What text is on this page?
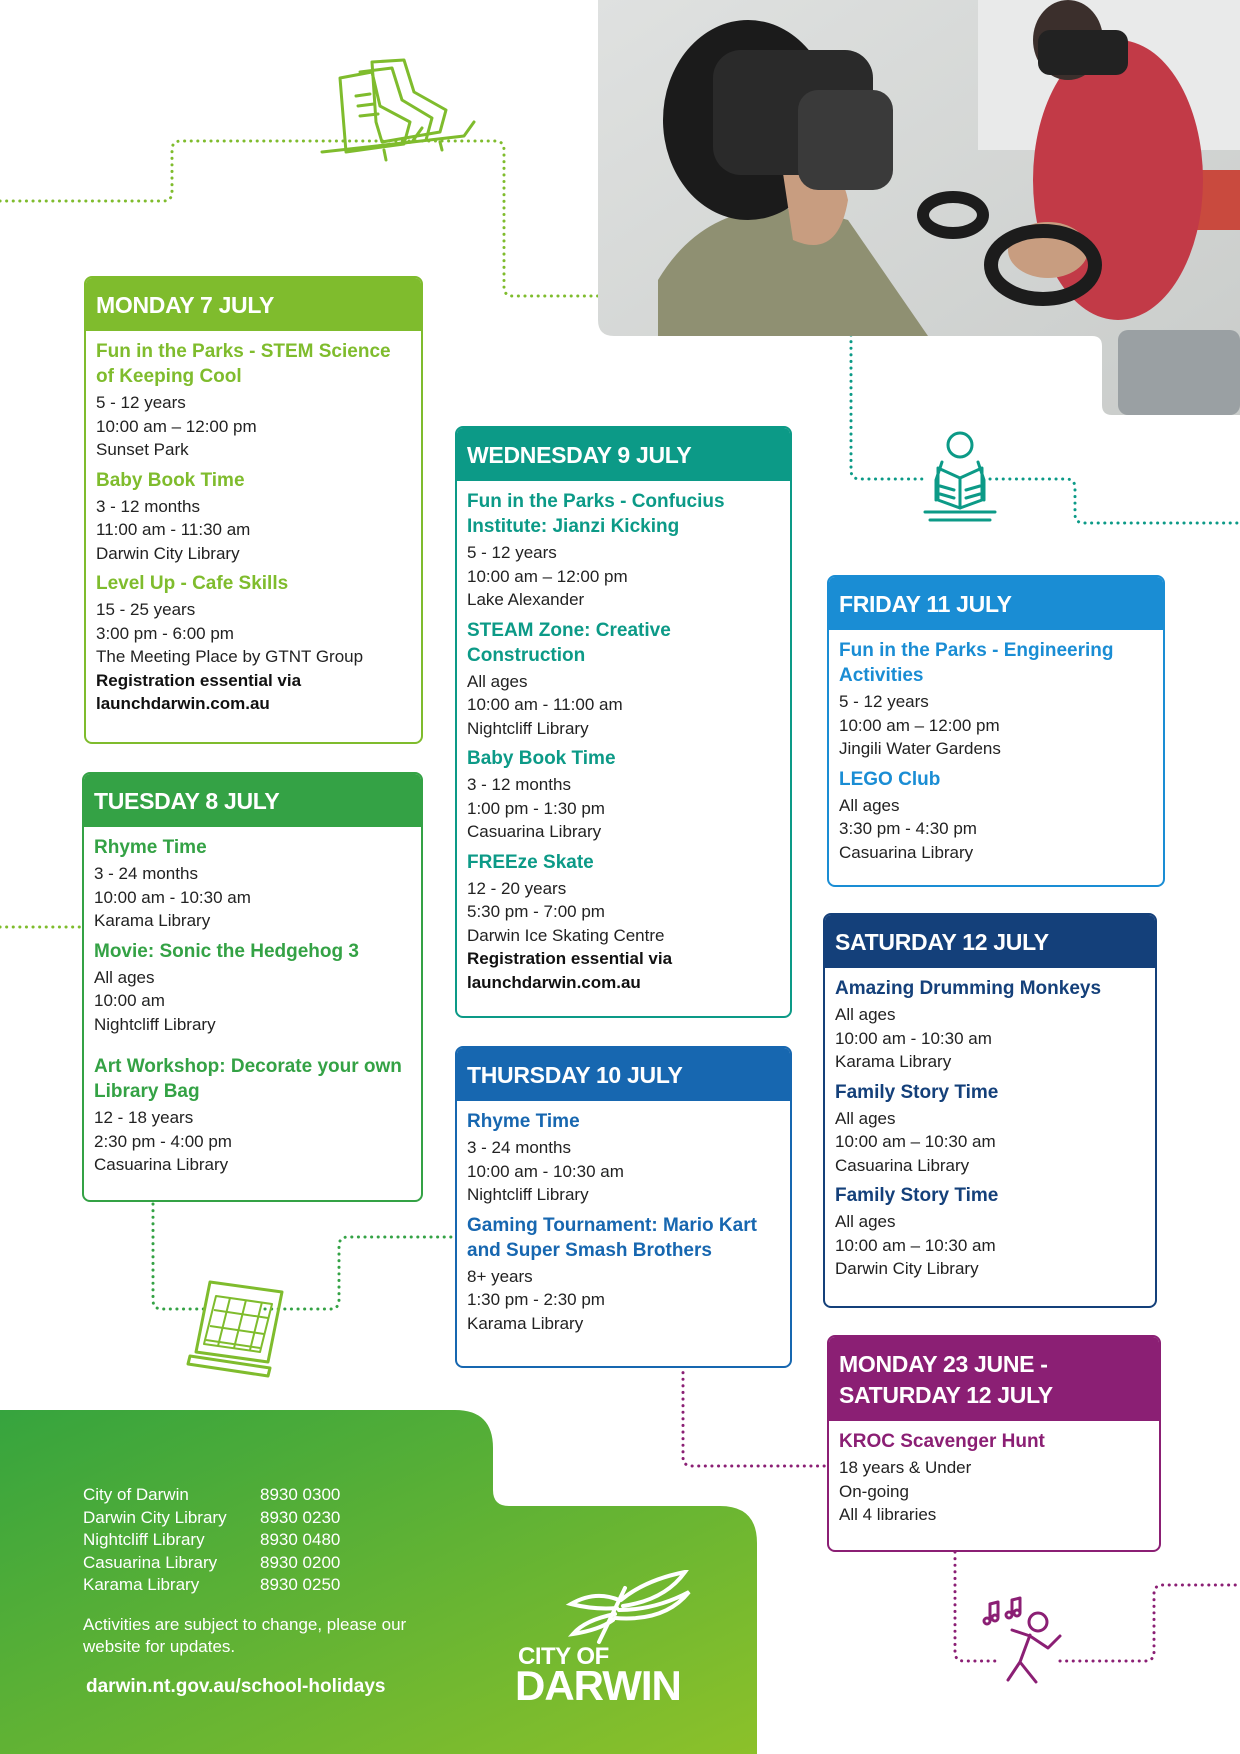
MONDAY 7 JULY
Fun in the Parks - STEM Science of Keeping Cool
5 - 12 years
10:00 am – 12:00 pm
Sunset Park
Baby Book Time
3 - 12 months
11:00 am - 11:30 am
Darwin City Library
Level Up - Cafe Skills
15 - 25 years
3:00 pm - 6:00 pm
The Meeting Place by GTNT Group
Registration essential via launchdarwin.com.au
TUESDAY 8 JULY
Rhyme Time
3 - 24 months
10:00 am - 10:30 am
Karama Library
Movie: Sonic the Hedgehog 3
All ages
10:00 am
Nightcliff Library
Art Workshop: Decorate your own Library Bag
12 - 18 years
2:30 pm - 4:00 pm
Casuarina Library
WEDNESDAY 9 JULY
Fun in the Parks - Confucius Institute: Jianzi Kicking
5 - 12 years
10:00 am – 12:00 pm
Lake Alexander
STEAM Zone: Creative Construction
All ages
10:00 am - 11:00 am
Nightcliff Library
Baby Book Time
3 - 12 months
1:00 pm - 1:30 pm
Casuarina Library
FREEze Skate
12 - 20 years
5:30 pm - 7:00 pm
Darwin Ice Skating Centre
Registration essential via launchdarwin.com.au
THURSDAY 10 JULY
Rhyme Time
3 - 24 months
10:00 am - 10:30 am
Nightcliff Library
Gaming Tournament: Mario Kart and Super Smash Brothers
8+ years
1:30 pm - 2:30 pm
Karama Library
FRIDAY 11 JULY
Fun in the Parks - Engineering Activities
5 - 12 years
10:00 am – 12:00 pm
Jingili Water Gardens
LEGO Club
All ages
3:30 pm - 4:30 pm
Casuarina Library
SATURDAY 12 JULY
Amazing Drumming Monkeys
All ages
10:00 am - 10:30 am
Karama Library
Family Story Time
All ages
10:00 am – 10:30 am
Casuarina Library
Family Story Time
All ages
10:00 am – 10:30 am
Darwin City Library
MONDAY 23 JUNE -
SATURDAY 12 JULY
KROC Scavenger Hunt
18 years & Under
On-going
All 4 libraries
City of Darwin	8930 0300
Darwin City Library	8930 0230
Nightcliff Library	8930 0480
Casuarina Library	8930 0200
Karama Library	8930 0250
Activities are subject to change, please our website for updates.
darwin.nt.gov.au/school-holidays
CITY OF
DARWIN
